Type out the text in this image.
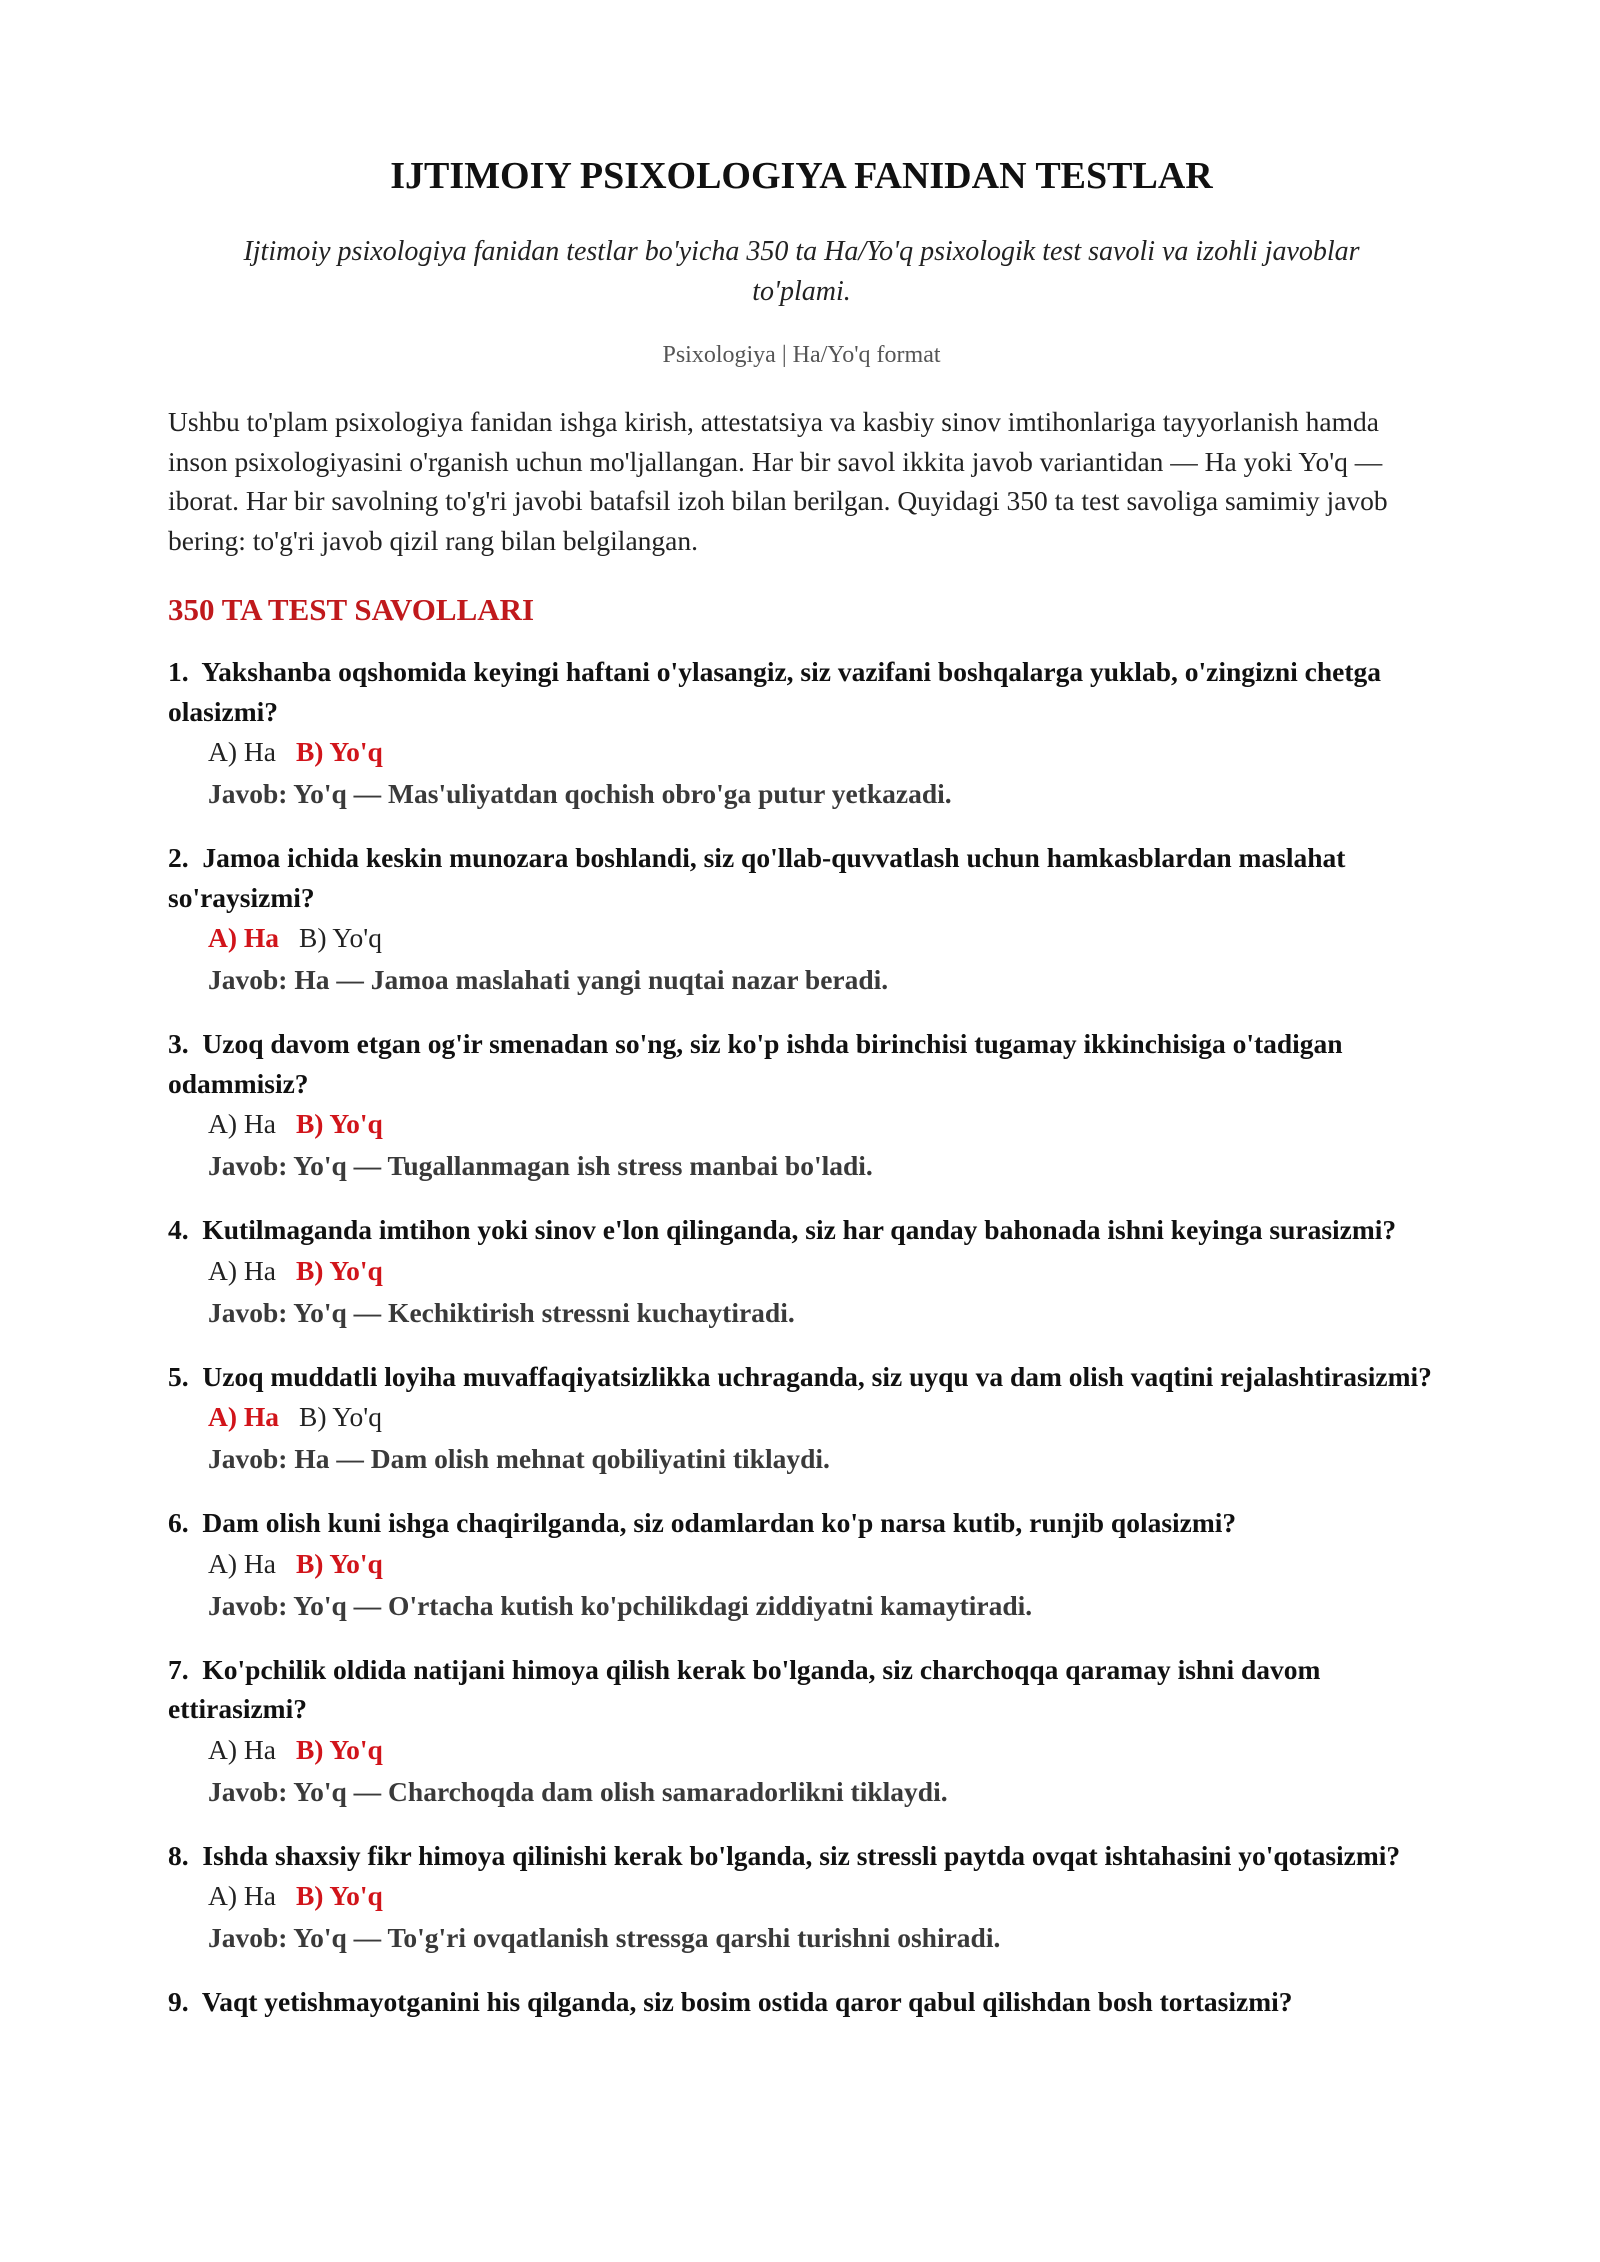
IJTIMOIY PSIXOLOGIYA FANIDAN TESTLAR
Ijtimoiy psixologiya fanidan testlar bo'yicha 350 ta Ha/Yo'q psixologik test savoli va izohli javoblar to'plami.
Psixologiya | Ha/Yo'q format
Ushbu to'plam psixologiya fanidan ishga kirish, attestatsiya va kasbiy sinov imtihonlariga tayyorlanish hamda inson psixologiyasini o'rganish uchun mo'ljallangan. Har bir savol ikkita javob variantidan — Ha yoki Yo'q — iborat. Har bir savolning to'g'ri javobi batafsil izoh bilan berilgan. Quyidagi 350 ta test savoliga samimiy javob bering: to'g'ri javob qizil rang bilan belgilangan.
350 TA TEST SAVOLLARI
1. Yakshanba oqshomida keyingi haftani o'ylasangiz, siz vazifani boshqalarga yuklab, o'zingizni chetga olasizmi?
A) Ha B) Yo'q
Javob: Yo'q — Mas'uliyatdan qochish obro'ga putur yetkazadi.
2. Jamoa ichida keskin munozara boshlandi, siz qo'llab-quvvatlash uchun hamkasblardan maslahat so'raysizmi?
A) Ha B) Yo'q
Javob: Ha — Jamoa maslahati yangi nuqtai nazar beradi.
3. Uzoq davom etgan og'ir smenadan so'ng, siz ko'p ishda birinchisi tugamay ikkinchisiga o'tadigan odammisiz?
A) Ha B) Yo'q
Javob: Yo'q — Tugallanmagan ish stress manbai bo'ladi.
4. Kutilmaganda imtihon yoki sinov e'lon qilinganda, siz har qanday bahonada ishni keyinga surasizmi?
A) Ha B) Yo'q
Javob: Yo'q — Kechiktirish stressni kuchaytiradi.
5. Uzoq muddatli loyiha muvaffaqiyatsizlikka uchraganda, siz uyqu va dam olish vaqtini rejalashtirasizmi?
A) Ha B) Yo'q
Javob: Ha — Dam olish mehnat qobiliyatini tiklaydi.
6. Dam olish kuni ishga chaqirilganda, siz odamlardan ko'p narsa kutib, runjib qolasizmi?
A) Ha B) Yo'q
Javob: Yo'q — O'rtacha kutish ko'pchilikdagi ziddiyatni kamaytiradi.
7. Ko'pchilik oldida natijani himoya qilish kerak bo'lganda, siz charchoqqa qaramay ishni davom ettirasizmi?
A) Ha B) Yo'q
Javob: Yo'q — Charchoqda dam olish samaradorlikni tiklaydi.
8. Ishda shaxsiy fikr himoya qilinishi kerak bo'lganda, siz stressli paytda ovqat ishtahasini yo'qotasizmi?
A) Ha B) Yo'q
Javob: Yo'q — To'g'ri ovqatlanish stressga qarshi turishni oshiradi.
9. Vaqt yetishmayotganini his qilganda, siz bosim ostida qaror qabul qilishdan bosh tortasizmi?
